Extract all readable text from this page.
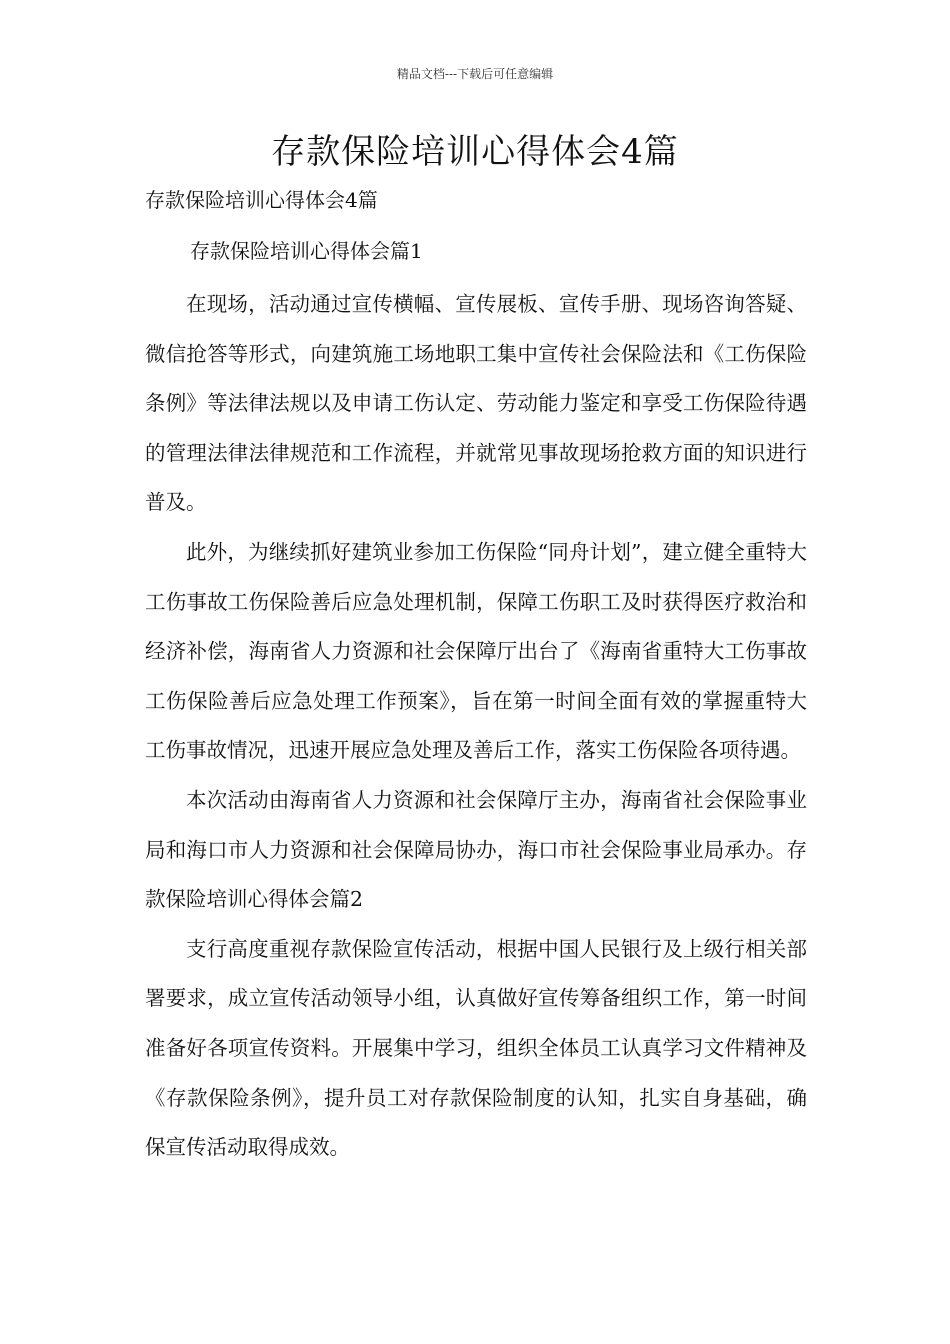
精品文档---下载后可任意编辑
存款保险培训心得体会4篇

存款保险培训心得体会4篇

存款保险培训心得体会篇1

在现场，活动通过宣传横幅、宣传展板、宣传手册、现场咨询答疑、微信抢答等形式，向建筑施工场地职工集中宣传社会保险法和《工伤保险条例》等法律法规以及申请工伤认定、劳动能力鉴定和享受工伤保险待遇的管理法律法律规范和工作流程，并就常见事故现场抢救方面的知识进行普及。

此外，为继续抓好建筑业参加工伤保险“同舟计划”，建立健全重特大工伤事故工伤保险善后应急处理机制，保障工伤职工及时获得医疗救治和经济补偿，海南省人力资源和社会保障厅出台了《海南省重特大工伤事故工伤保险善后应急处理工作预案》，旨在第一时间全面有效的掌握重特大工伤事故情况，迅速开展应急处理及善后工作，落实工伤保险各项待遇。

本次活动由海南省人力资源和社会保障厅主办，海南省社会保险事业局和海口市人力资源和社会保障局协办，海口市社会保险事业局承办。存款保险培训心得体会篇2

支行高度重视存款保险宣传活动，根据中国人民银行及上级行相关部署要求，成立宣传活动领导小组，认真做好宣传筹备组织工作，第一时间准备好各项宣传资料。开展集中学习，组织全体员工认真学习文件精神及《存款保险条例》，提升员工对存款保险制度的认知，扎实自身基础，确保宣传活动取得成效。
